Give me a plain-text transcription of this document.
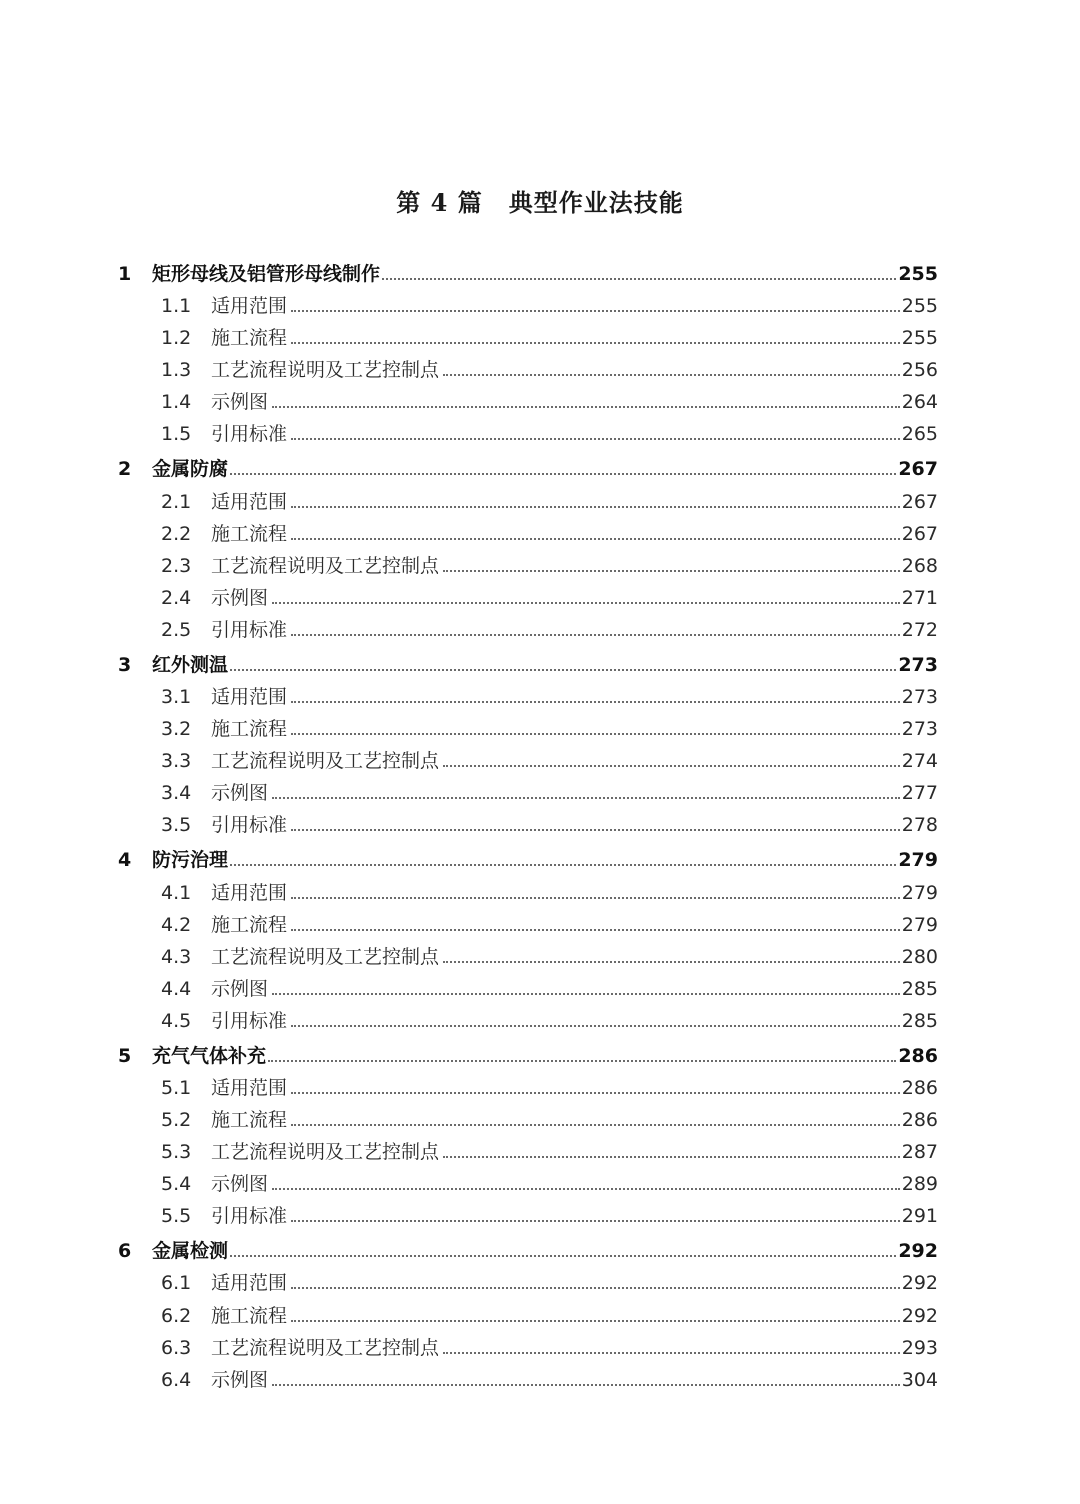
第 4 篇 典型作业法技能
1	矩形母线及铝管形母线制作	255
1.1	适用范围	255
1.2	施工流程	255
1.3	工艺流程说明及工艺控制点	256
1.4	示例图	264
1.5	引用标准	265
2	金属防腐	267
2.1	适用范围	267
2.2	施工流程	267
2.3	工艺流程说明及工艺控制点	268
2.4	示例图	271
2.5	引用标准	272
3	红外测温	273
3.1	适用范围	273
3.2	施工流程	273
3.3	工艺流程说明及工艺控制点	274
3.4	示例图	277
3.5	引用标准	278
4	防污治理	279
4.1	适用范围	279
4.2	施工流程	279
4.3	工艺流程说明及工艺控制点	280
4.4	示例图	285
4.5	引用标准	285
5	充气气体补充	286
5.1	适用范围	286
5.2	施工流程	286
5.3	工艺流程说明及工艺控制点	287
5.4	示例图	289
5.5	引用标准	291
6	金属检测	292
6.1	适用范围	292
6.2	施工流程	292
6.3	工艺流程说明及工艺控制点	293
6.4	示例图	304
